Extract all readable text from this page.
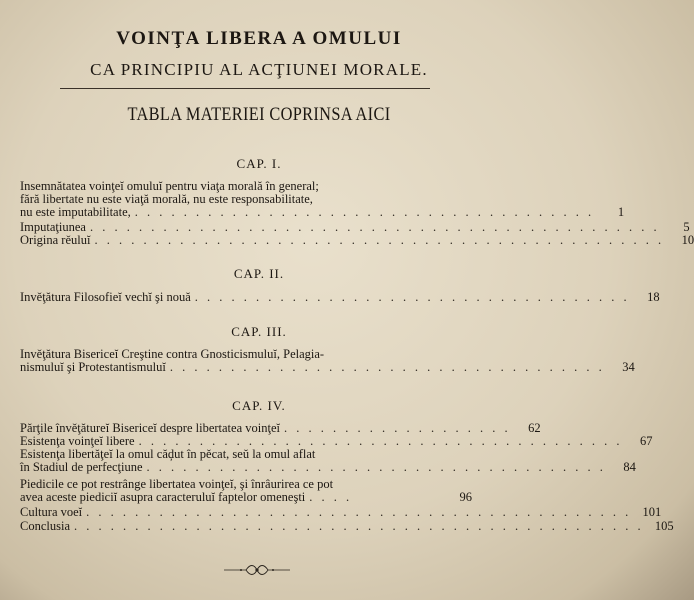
VOINŢA LIBERA A OMULUI
CA PRINCIPIU AL ACŢIUNEI MORALE.
TABLA MATERIEI COPRINSA AICI
CAP. I.
Insemnătatea voinţeĭ omuluĭ pentru viaţa morală în general;
fără libertate nu este viaţă morală, nu este responsabilitate,
nu este imputabilitate, . . . . . . . . . . . . . . . . . . . . . . . . . . . . . . . . . . . . . .	1
Imputaţiunea . . . . . . . . . . . . . . . . . . . . . . . . . . . . . . . . . . . . . . . . . . . . . . .	5
Origina rěuluĭ . . . . . . . . . . . . . . . . . . . . . . . . . . . . . . . . . . . . . . . . . . . . . . .	10
CAP. II.
Invěţătura Filosofieĭ vechĭ şi nouă . . . . . . . . . . . . . . . . . . . . . . . . . . . . . . . . . . . .	18
CAP. III.
Invěţătura Bisericeĭ Creştine contra Gnosticismuluĭ, Pelagia-
nismuluĭ şi Protestantismuluĭ . . . . . . . . . . . . . . . . . . . . . . . . . . . . . . . . . . . .	34
CAP. IV.
Părţile învěţătureĭ Bisericeĭ despre libertatea voinţeĭ . . . . . . . . . . . . . . . . . . .	62
Esistenţa voinţeĭ libere . . . . . . . . . . . . . . . . . . . . . . . . . . . . . . . . . . . . . . . .	67
Esistenţa libertăţeĭ la omul căḑut în pěcat, seŭ la omul aflat
în Stadiul de perfecţiune . . . . . . . . . . . . . . . . . . . . . . . . . . . . . . . . . . . . . .	84
Piedicile ce pot restrânge libertatea voinţeĭ, şi înrâurirea ce pot
avea aceste piediciĭ asupra caracteruluĭ faptelor omeneşti . . . .	96
Cultura voeĭ . . . . . . . . . . . . . . . . . . . . . . . . . . . . . . . . . . . . . . . . . . . . . 101
Conclusia . . . . . . . . . . . . . . . . . . . . . . . . . . . . . . . . . . . . . . . . . . . . . . . 105
